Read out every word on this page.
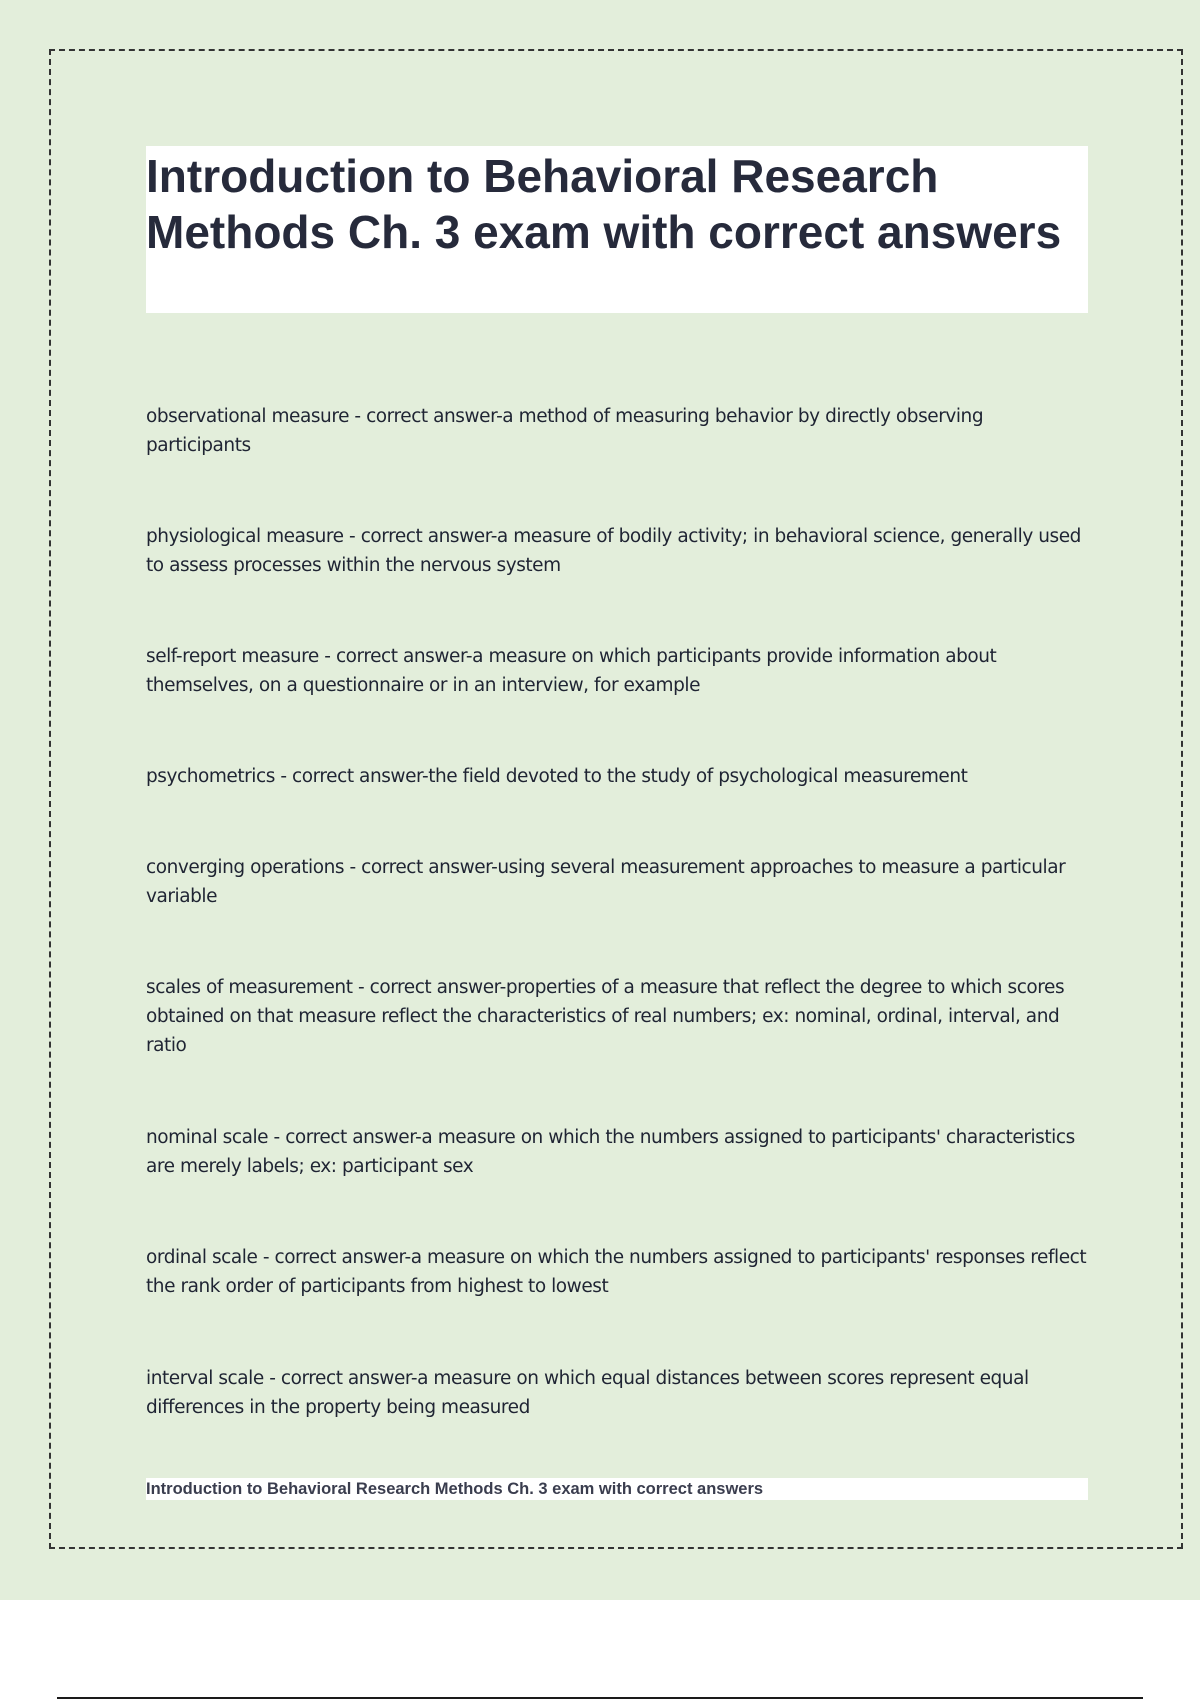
Introduction to Behavioral Research Methods Ch. 3 exam with correct answers

observational measure - correct answer-a method of measuring behavior by directly observing participants

physiological measure - correct answer-a measure of bodily activity; in behavioral science, generally used to assess processes within the nervous system

self-report measure - correct answer-a measure on which participants provide information about themselves, on a questionnaire or in an interview, for example

psychometrics - correct answer-the field devoted to the study of psychological measurement

converging operations - correct answer-using several measurement approaches to measure a particular variable

scales of measurement - correct answer-properties of a measure that reflect the degree to which scores obtained on that measure reflect the characteristics of real numbers; ex: nominal, ordinal, interval, and ratio

nominal scale - correct answer-a measure on which the numbers assigned to participants' characteristics are merely labels; ex: participant sex

ordinal scale - correct answer-a measure on which the numbers assigned to participants' responses reflect the rank order of participants from highest to lowest

interval scale - correct answer-a measure on which equal distances between scores represent equal differences in the property being measured

Introduction to Behavioral Research Methods Ch. 3 exam with correct answers
